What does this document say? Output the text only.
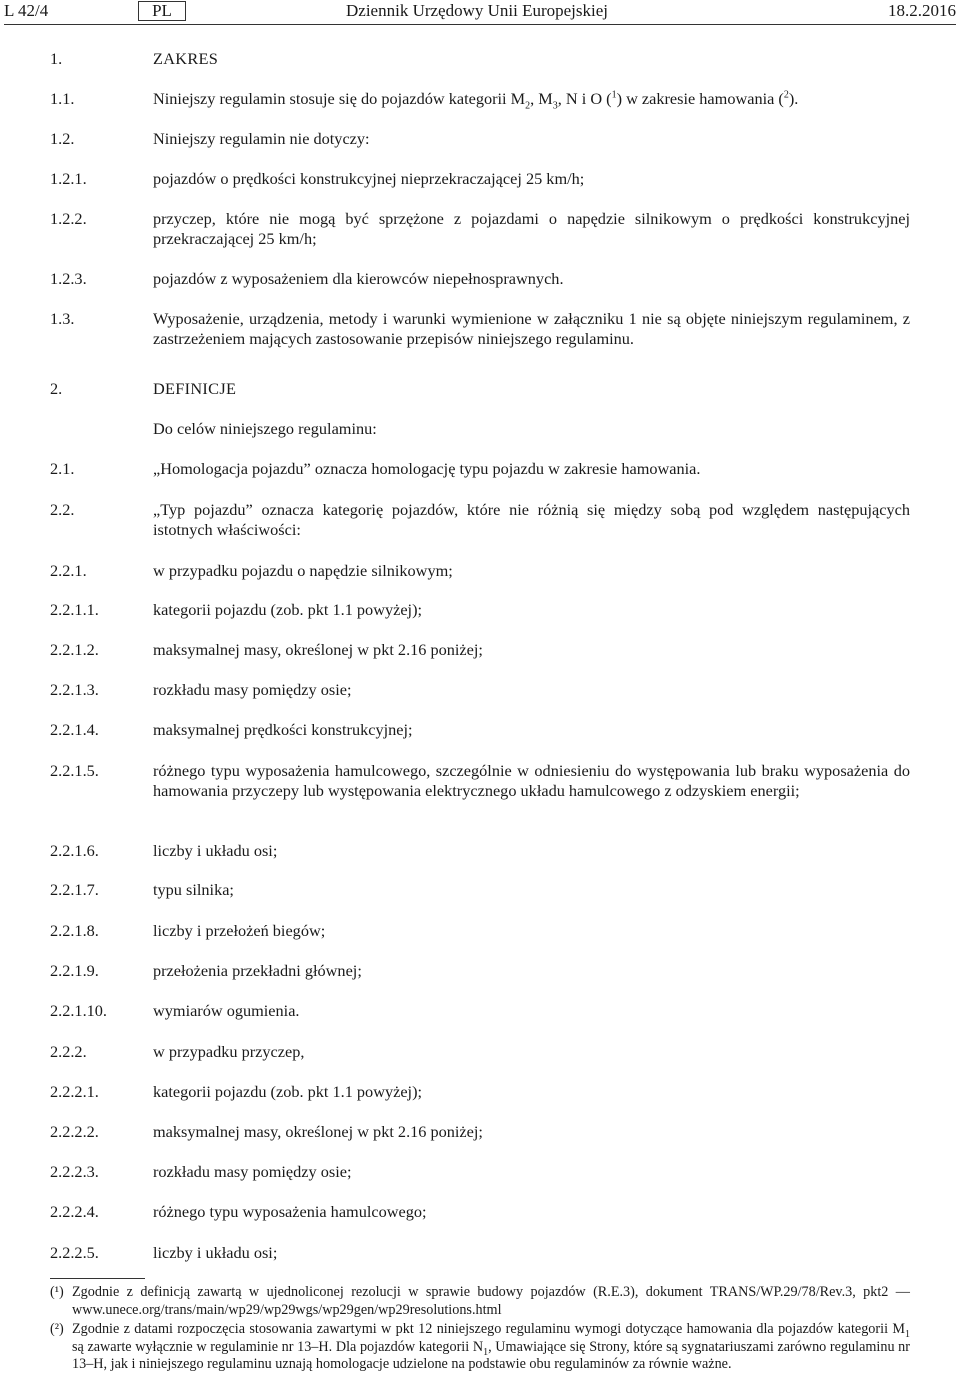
L 42/4	PL	Dziennik Urzędowy Unii Europejskiej	18.2.2016
1.	ZAKRES
1.1.	Niniejszy regulamin stosuje się do pojazdów kategorii $M_2$, $M_3$, N i O ($^1$) w zakresie hamowania ($^2$).
1.2.	Niniejszy regulamin nie dotyczy:
1.2.1.	pojazdów o prędkości konstrukcyjnej nieprzekraczającej 25 km/h;
1.2.2.	przyczep, które nie mogą być sprzężone z pojazdami o napędzie silnikowym o prędkości konstrukcyjnej przekraczającej 25 km/h;
1.2.3.	pojazdów z wyposażeniem dla kierowców niepełnosprawnych.
1.3.	Wyposażenie, urządzenia, metody i warunki wymienione w załączniku 1 nie są objęte niniejszym regulaminem, z zastrzeżeniem mających zastosowanie przepisów niniejszego regulaminu.
2.	DEFINICJE
Do celów niniejszego regulaminu:
2.1.	„Homologacja pojazdu” oznacza homologację typu pojazdu w zakresie hamowania.
2.2.	„Typ pojazdu” oznacza kategorię pojazdów, które nie różnią się między sobą pod względem następujących istotnych właściwości:
2.2.1.	w przypadku pojazdu o napędzie silnikowym;
2.2.1.1.	kategorii pojazdu (zob. pkt 1.1 powyżej);
2.2.1.2.	maksymalnej masy, określonej w pkt 2.16 poniżej;
2.2.1.3.	rozkładu masy pomiędzy osie;
2.2.1.4.	maksymalnej prędkości konstrukcyjnej;
2.2.1.5.	różnego typu wyposażenia hamulcowego, szczególnie w odniesieniu do występowania lub braku wyposażenia do hamowania przyczepy lub występowania elektrycznego układu hamulcowego z odzyskiem energii;
2.2.1.6.	liczby i układu osi;
2.2.1.7.	typu silnika;
2.2.1.8.	liczby i przełożeń biegów;
2.2.1.9.	przełożenia przekładni głównej;
2.2.1.10.	wymiarów ogumienia.
2.2.2.	w przypadku przyczep,
2.2.2.1.	kategorii pojazdu (zob. pkt 1.1 powyżej);
2.2.2.2.	maksymalnej masy, określonej w pkt 2.16 poniżej;
2.2.2.3.	rozkładu masy pomiędzy osie;
2.2.2.4.	różnego typu wyposażenia hamulcowego;
2.2.2.5.	liczby i układu osi;
(¹) Zgodnie z definicją zawartą w ujednoliconej rezolucji w sprawie budowy pojazdów (R.E.3), dokument TRANS/WP.29/78/Rev.3, pkt2 — www.unece.org/trans/main/wp29/wp29wgs/wp29gen/wp29resolutions.html
(²) Zgodnie z datami rozpoczęcia stosowania zawartymi w pkt 12 niniejszego regulaminu wymogi dotyczące hamowania dla pojazdów kategorii $M_1$ są zawarte wyłącznie w regulaminie nr 13–H. Dla pojazdów kategorii $N_1$, Umawiające się Strony, które są sygnatariuszami zarówno regulaminu nr 13–H, jak i niniejszego regulaminu uznają homologacje udzielone na podstawie obu regulaminów za równie ważne.
